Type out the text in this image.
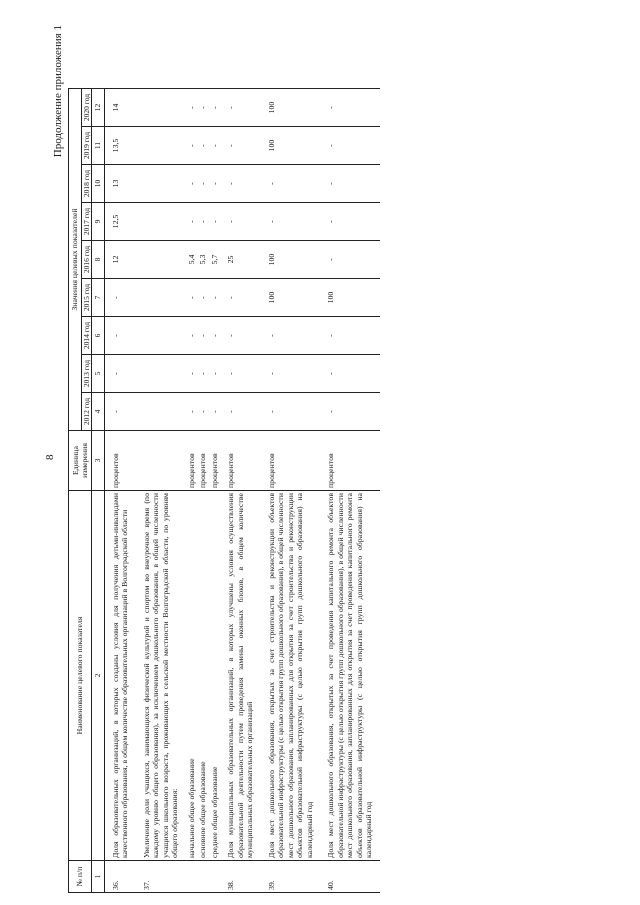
8
Продолжение приложения 1
№ п/п	Наименование целевого показателя	Единица измерения	Значения целевых показателей								
			2012 год	2013 год	2014 год	2015 год	2016 год	2017 год	2018 год	2019 год	2020 год
1	2	3	4	5	6	7	8	9	10	11	12
36.	Доля образовательных организаций, в которых созданы условия для получения детьми-инвалидами качественного образования, в общем количестве образовательных организаций в Волгоградской области	процентов	-	-	-	-	12	12,5	13	13,5	14
37.	Увеличение доли учащихся, занимающихся физической культурой и спортом во внеурочное время (по каждому уровню общего образования), за исключением дошкольного образования, в общей численности учащихся школьного возраста, проживающих в сельской местности Волгоградской области, по уровням общего образования:										
	начальное общее образование	процентов	-	-	-	-	5,4	-	-	-	-
	основное общее образование	процентов	-	-	-	-	5,3	-	-	-	-
	среднее общее образование	процентов	-	-	-	-	5,7	-	-	-	-
38.	Доля муниципальных образовательных организаций, в которых улучшены условия осуществления образовательной деятельности путем проведения замены оконных блоков, в общем количестве муниципальных образовательных организаций	процентов	-	-	-	-	25	-	-	-	-
39.	Доля мест дошкольного образования, открытых за счет строительства и реконструкции объектов образовательной инфраструктуры (с целью открытия групп дошкольного образования), в общей численности мест дошкольного образования, запланированных для открытия за счет строительства и реконструкции объектов образовательной инфраструктуры (с целью открытия групп дошкольного образования) на календарный год	процентов	-	-	-	100	100	-	-	100	100
40.	Доля мест дошкольного образования, открытых за счет проведения капитального ремонта объектов образовательной инфраструктуры (с целью открытия групп дошкольного образования), в общей численности мест дошкольного образования, запланированных для открытия за счет проведения капитального ремонта объектов образовательной инфраструктуры (с целью открытия групп дошкольного образования) на календарный год	процентов	-	-	-	100	-	-	-	-	-
